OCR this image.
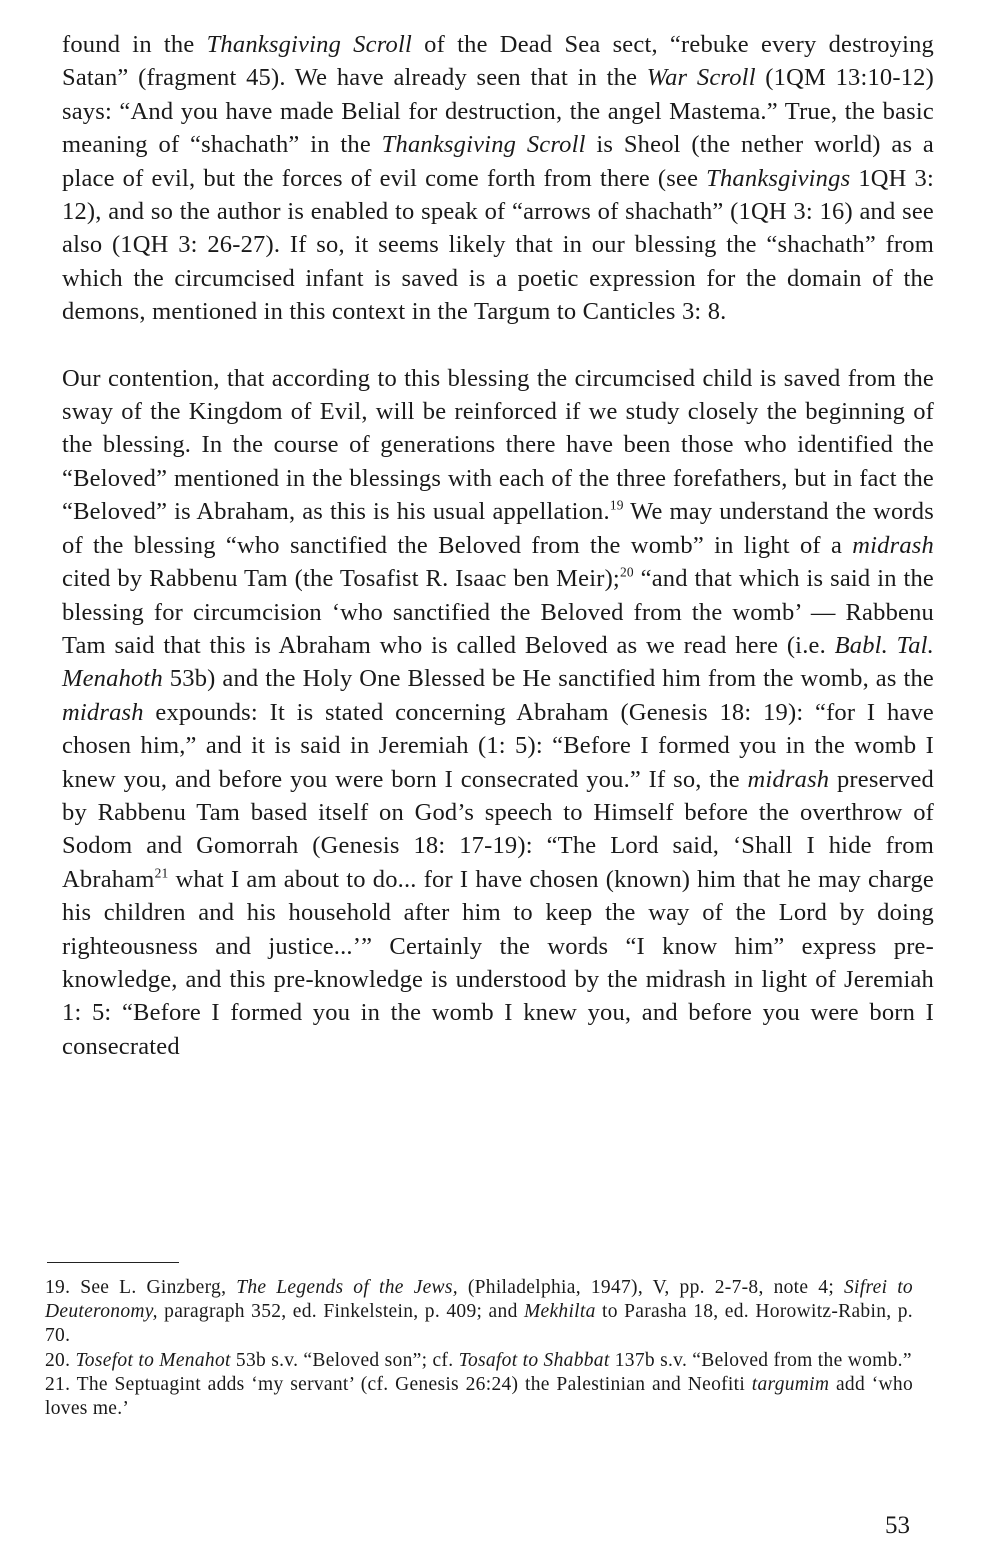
found in the Thanksgiving Scroll of the Dead Sea sect, “rebuke every destroying Satan” (fragment 45). We have already seen that in the War Scroll (1QM 13:10-12) says: “And you have made Belial for destruction, the angel Mastema.” True, the basic meaning of “shachath” in the Thanksgiving Scroll is Sheol (the nether world) as a place of evil, but the forces of evil come forth from there (see Thanksgivings 1QH 3: 12), and so the author is enabled to speak of “arrows of shachath” (1QH 3: 16) and see also (1QH 3: 26-27). If so, it seems likely that in our blessing the “shachath” from which the circumcised infant is saved is a poetic expression for the domain of the demons, mentioned in this context in the Targum to Canticles 3: 8.

Our contention, that according to this blessing the circumcised child is saved from the sway of the Kingdom of Evil, will be reinforced if we study closely the beginning of the blessing. In the course of generations there have been those who identified the “Beloved” mentioned in the blessings with each of the three forefathers, but in fact the “Beloved” is Abraham, as this is his usual appellation.$^{19}$ We may understand the words of the blessing “who sanctified the Beloved from the womb” in light of a midrash cited by Rabbenu Tam (the Tosafist R. Isaac ben Meir);$^{20}$ “and that which is said in the blessing for circumcision ‘who sanctified the Beloved from the womb’ — Rabbenu Tam said that this is Abraham who is called Beloved as we read here (i.e. Babl. Tal. Menahoth 53b) and the Holy One Blessed be He sanctified him from the womb, as the midrash expounds: It is stated concerning Abraham (Genesis 18: 19): “for I have chosen him,” and it is said in Jeremiah (1: 5): “Before I formed you in the womb I knew you, and before you were born I consecrated you.” If so, the midrash preserved by Rabbenu Tam based itself on God’s speech to Himself before the overthrow of Sodom and Gomorrah (Genesis 18: 17-19): “The Lord said, ‘Shall I hide from Abraham$^{21}$ what I am about to do... for I have chosen (known) him that he may charge his children and his household after him to keep the way of the Lord by doing righteousness and justice...’” Certainly the words “I know him” express pre-knowledge, and this pre-knowledge is understood by the midrash in light of Jeremiah 1: 5: “Before I formed you in the womb I knew you, and before you were born I consecrated

19. See L. Ginzberg, The Legends of the Jews, (Philadelphia, 1947), V, pp. 2-7-8, note 4; Sifrei to Deuteronomy, paragraph 352, ed. Finkelstein, p. 409; and Mekhilta to Parasha 18, ed. Horowitz-Rabin, p. 70.

20. Tosefot to Menahot 53b s.v. “Beloved son”; cf. Tosafot to Shabbat 137b s.v. “Beloved from the womb.”

21. The Septuagint adds ‘my servant’ (cf. Genesis 26:24) the Palestinian and Neofiti targumim add ‘who loves me.’

53
